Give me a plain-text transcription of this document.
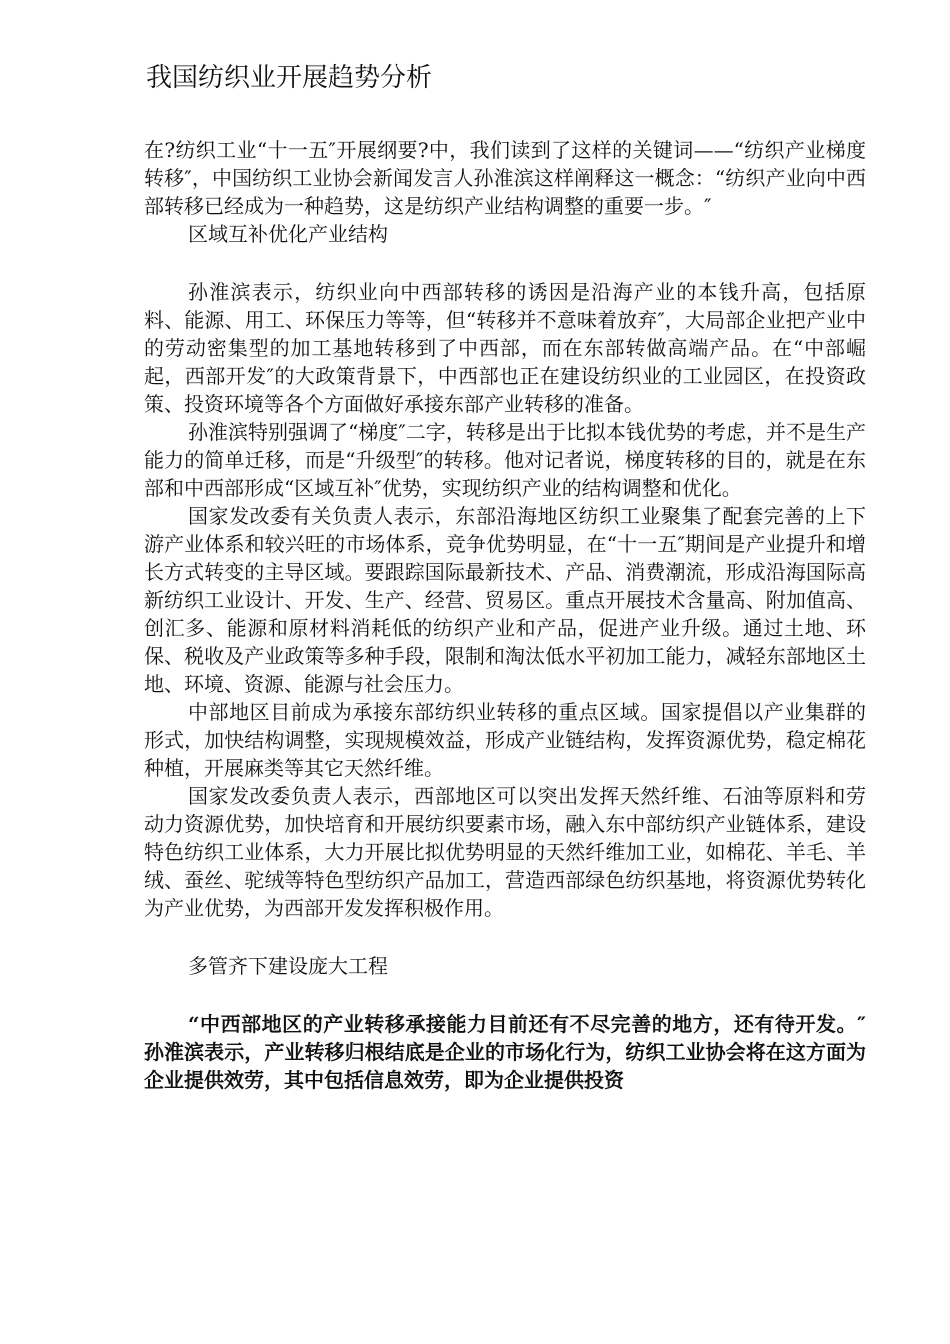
我国纺织业开展趋势分析

在?纺织工业“十一五″开展纲要?中，我们读到了这样的关键词——“纺织产业梯度转移″，中国纺织工业协会新闻发言人孙淮滨这样阐释这一概念：“纺织产业向中西部转移已经成为一种趋势，这是纺织产业结构调整的重要一步。″

区域互补优化产业结构

孙淮滨表示，纺织业向中西部转移的诱因是沿海产业的本钱升高，包括原料、能源、用工、环保压力等等，但“转移并不意味着放弃″，大局部企业把产业中的劳动密集型的加工基地转移到了中西部，而在东部转做高端产品。在“中部崛起，西部开发″的大政策背景下，中西部也正在建设纺织业的工业园区，在投资政策、投资环境等各个方面做好承接东部产业转移的准备。

孙淮滨特别强调了“梯度″二字，转移是出于比拟本钱优势的考虑，并不是生产能力的简单迁移，而是“升级型″的转移。他对记者说，梯度转移的目的，就是在东部和中西部形成“区域互补″优势，实现纺织产业的结构调整和优化。

国家发改委有关负责人表示，东部沿海地区纺织工业聚集了配套完善的上下游产业体系和较兴旺的市场体系，竞争优势明显，在“十一五″期间是产业提升和增长方式转变的主导区域。要跟踪国际最新技术、产品、消费潮流，形成沿海国际高新纺织工业设计、开发、生产、经营、贸易区。重点开展技术含量高、附加值高、创汇多、能源和原材料消耗低的纺织产业和产品，促进产业升级。通过土地、环保、税收及产业政策等多种手段，限制和淘汰低水平初加工能力，减轻东部地区土地、环境、资源、能源与社会压力。

中部地区目前成为承接东部纺织业转移的重点区域。国家提倡以产业集群的形式，加快结构调整，实现规模效益，形成产业链结构，发挥资源优势，稳定棉花种植，开展麻类等其它天然纤维。

国家发改委负责人表示，西部地区可以突出发挥天然纤维、石油等原料和劳动力资源优势，加快培育和开展纺织要素市场，融入东中部纺织产业链体系，建设特色纺织工业体系，大力开展比拟优势明显的天然纤维加工业，如棉花、羊毛、羊绒、蚕丝、驼绒等特色型纺织产品加工，营造西部绿色纺织基地，将资源优势转化为产业优势，为西部开发发挥积极作用。

多管齐下建设庞大工程

“中西部地区的产业转移承接能力目前还有不尽完善的地方，还有待开发。″孙淮滨表示，产业转移归根结底是企业的市场化行为，纺织工业协会将在这方面为企业提供效劳，其中包括信息效劳，即为企业提供投资
